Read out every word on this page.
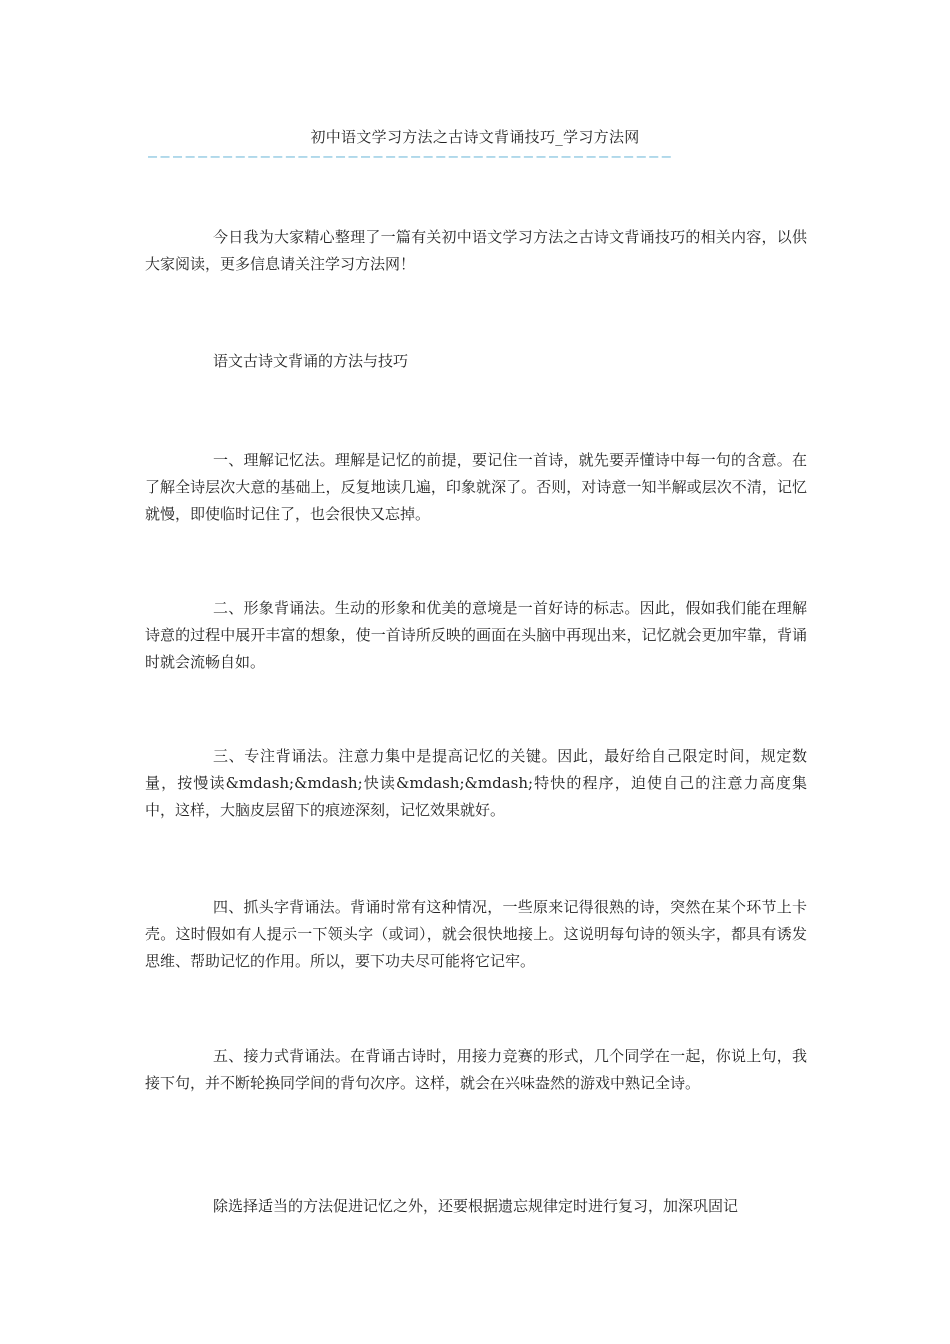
初中语文学习方法之古诗文背诵技巧_学习方法网
——————————————————————————————————————————

今日我为大家精心整理了一篇有关初中语文学习方法之古诗文背诵技巧的相关内容，以供大家阅读，更多信息请关注学习方法网！

语文古诗文背诵的方法与技巧

一、理解记忆法。理解是记忆的前提，要记住一首诗，就先要弄懂诗中每一句的含意。在了解全诗层次大意的基础上，反复地读几遍，印象就深了。否则，对诗意一知半解或层次不清，记忆就慢，即使临时记住了，也会很快又忘掉。

二、形象背诵法。生动的形象和优美的意境是一首好诗的标志。因此，假如我们能在理解诗意的过程中展开丰富的想象，使一首诗所反映的画面在头脑中再现出来，记忆就会更加牢靠，背诵时就会流畅自如。

三、专注背诵法。注意力集中是提高记忆的关键。因此，最好给自己限定时间，规定数量，按慢读&mdash;&mdash;快读&mdash;&mdash;特快的程序，迫使自己的注意力高度集中，这样，大脑皮层留下的痕迹深刻，记忆效果就好。

四、抓头字背诵法。背诵时常有这种情况，一些原来记得很熟的诗，突然在某个环节上卡壳。这时假如有人提示一下领头字（或词），就会很快地接上。这说明每句诗的领头字，都具有诱发思维、帮助记忆的作用。所以，要下功夫尽可能将它记牢。

五、接力式背诵法。在背诵古诗时，用接力竞赛的形式，几个同学在一起，你说上句，我接下句，并不断轮换同学间的背句次序。这样，就会在兴味盎然的游戏中熟记全诗。

除选择适当的方法促进记忆之外，还要根据遗忘规律定时进行复习，加深巩固记
